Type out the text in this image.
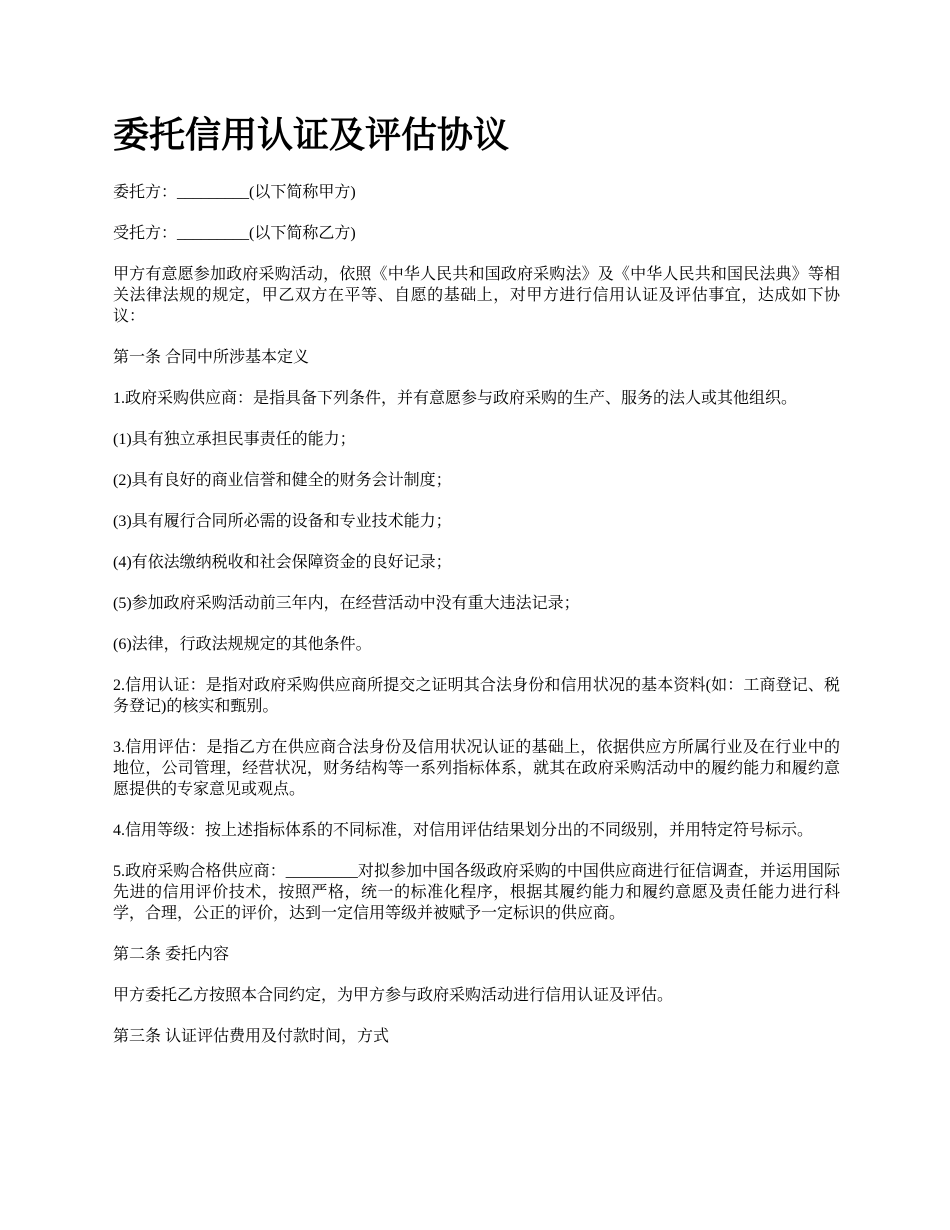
委托信用认证及评估协议

委托方：_________(以下简称甲方)

受托方：_________(以下简称乙方)

甲方有意愿参加政府采购活动，依照《中华人民共和国政府采购法》及《中华人民共和国民法典》等相关法律法规的规定，甲乙双方在平等、自愿的基础上，对甲方进行信用认证及评估事宜，达成如下协议：

第一条 合同中所涉基本定义

1.政府采购供应商：是指具备下列条件，并有意愿参与政府采购的生产、服务的法人或其他组织。

(1)具有独立承担民事责任的能力；

(2)具有良好的商业信誉和健全的财务会计制度；

(3)具有履行合同所必需的设备和专业技术能力；

(4)有依法缴纳税收和社会保障资金的良好记录；

(5)参加政府采购活动前三年内，在经营活动中没有重大违法记录；

(6)法律，行政法规规定的其他条件。

2.信用认证：是指对政府采购供应商所提交之证明其合法身份和信用状况的基本资料(如：工商登记、税务登记)的核实和甄别。

3.信用评估：是指乙方在供应商合法身份及信用状况认证的基础上，依据供应方所属行业及在行业中的地位，公司管理，经营状况，财务结构等一系列指标体系，就其在政府采购活动中的履约能力和履约意愿提供的专家意见或观点。

4.信用等级：按上述指标体系的不同标准，对信用评估结果划分出的不同级别，并用特定符号标示。

5.政府采购合格供应商：_________对拟参加中国各级政府采购的中国供应商进行征信调查，并运用国际先进的信用评价技术，按照严格，统一的标准化程序，根据其履约能力和履约意愿及责任能力进行科学，合理，公正的评价，达到一定信用等级并被赋予一定标识的供应商。

第二条 委托内容

甲方委托乙方按照本合同约定，为甲方参与政府采购活动进行信用认证及评估。

第三条 认证评估费用及付款时间，方式
